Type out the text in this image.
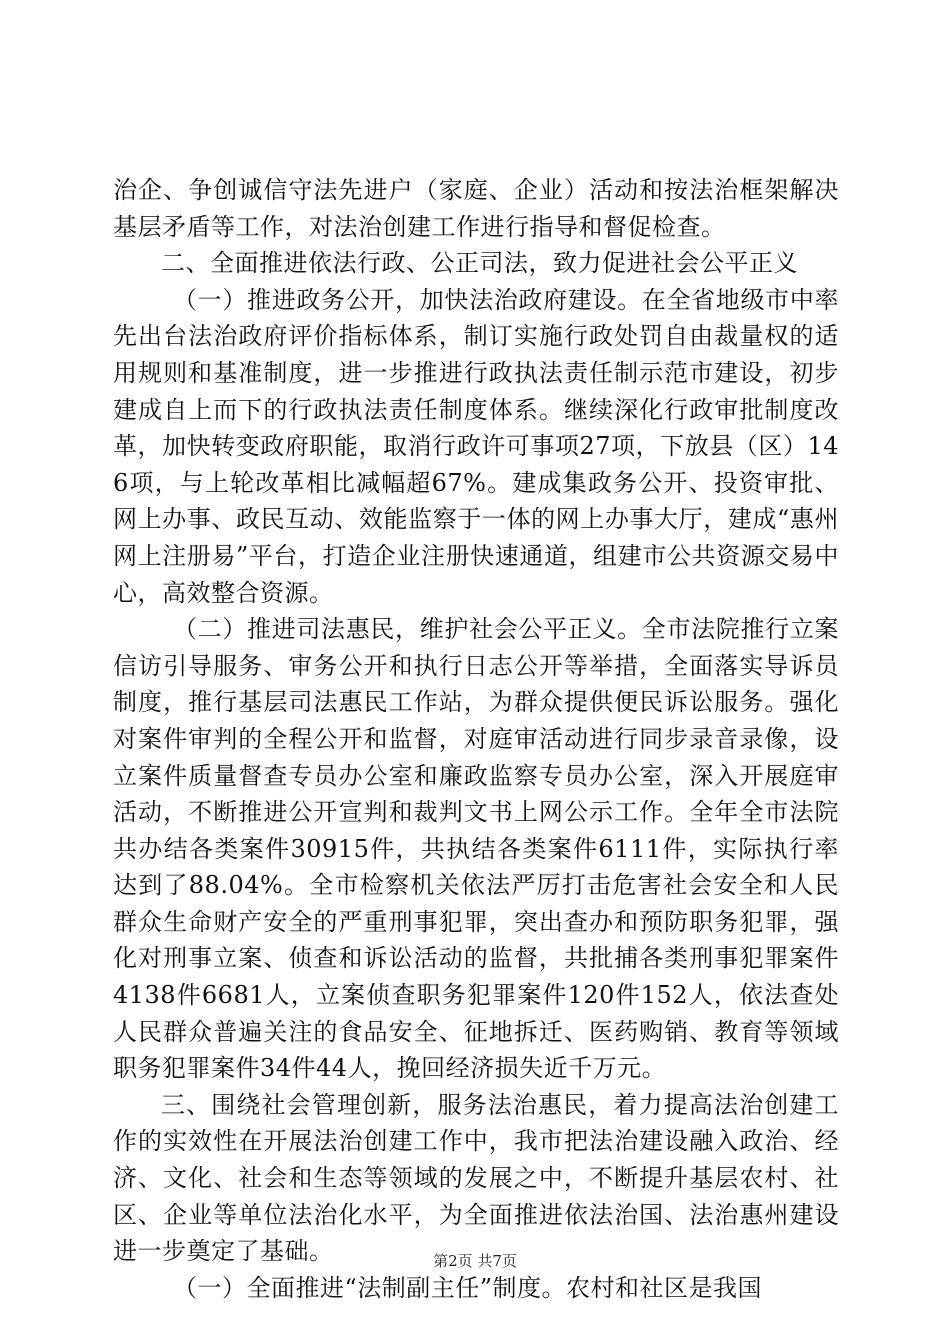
治企、争创诚信守法先进户（家庭、企业）活动和按法治框架解决基层矛盾等工作，对法治创建工作进行指导和督促检查。

二、全面推进依法行政、公正司法，致力促进社会公平正义

（一）推进政务公开，加快法治政府建设。在全省地级市中率先出台法治政府评价指标体系，制订实施行政处罚自由裁量权的适用规则和基准制度，进一步推进行政执法责任制示范市建设，初步建成自上而下的行政执法责任制度体系。继续深化行政审批制度改革，加快转变政府职能，取消行政许可事项27项，下放县（区）146项，与上轮改革相比减幅超67%。建成集政务公开、投资审批、网上办事、政民互动、效能监察于一体的网上办事大厅，建成“惠州网上注册易”平台，打造企业注册快速通道，组建市公共资源交易中心，高效整合资源。

（二）推进司法惠民，维护社会公平正义。全市法院推行立案信访引导服务、审务公开和执行日志公开等举措，全面落实导诉员制度，推行基层司法惠民工作站，为群众提供便民诉讼服务。强化对案件审判的全程公开和监督，对庭审活动进行同步录音录像，设立案件质量督查专员办公室和廉政监察专员办公室，深入开展庭审活动，不断推进公开宣判和裁判文书上网公示工作。全年全市法院共办结各类案件30915件，共执结各类案件6111件，实际执行率达到了88.04%。全市检察机关依法严厉打击危害社会安全和人民群众生命财产安全的严重刑事犯罪，突出查办和预防职务犯罪，强化对刑事立案、侦查和诉讼活动的监督，共批捕各类刑事犯罪案件4138件6681人，立案侦查职务犯罪案件120件152人，依法查处人民群众普遍关注的食品安全、征地拆迁、医药购销、教育等领域职务犯罪案件34件44人，挽回经济损失近千万元。

三、围绕社会管理创新，服务法治惠民，着力提高法治创建工作的实效性在开展法治创建工作中，我市把法治建设融入政治、经济、文化、社会和生态等领域的发展之中，不断提升基层农村、社区、企业等单位法治化水平，为全面推进依法治国、法治惠州建设进一步奠定了基础。

（一）全面推进“法制副主任”制度。农村和社区是我国

第2页 共7页
